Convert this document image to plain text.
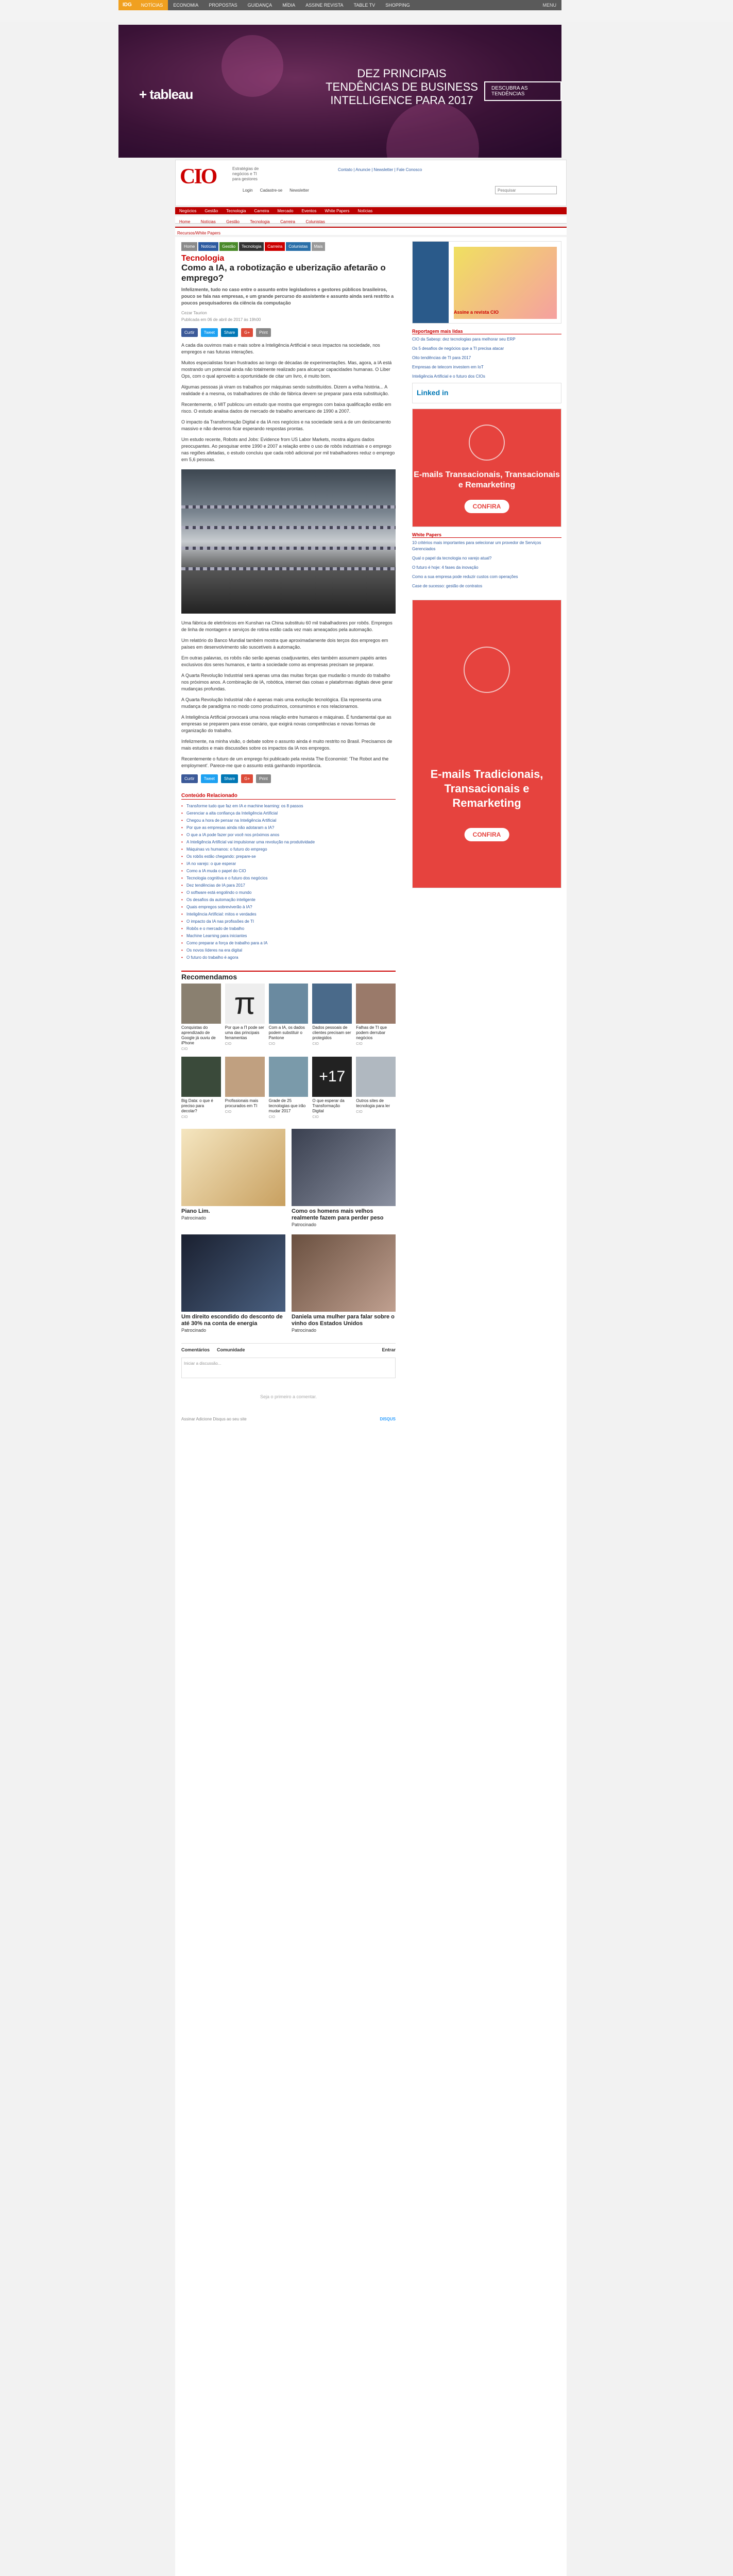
IDG	NOTÍCIAS	ECONOMIA	PROPOSTAS	GUIDANÇA	MÍDIA	ASSINE REVISTA	TABLE TV	SHOPPING	MENU
+ tableau
DEZ PRINCIPAIS TENDÊNCIAS DE BUSINESS INTELLIGENCE PARA 2017
DESCUBRA AS TENDÊNCIAS
CIO	Estratégias de negócios e TI para gestores
Contato | Anuncie | Newsletter | Fale Conosco
Login Cadastre-se Newsletter
Pesquisar
Negócios	Gestão	Tecnologia	Carreira	Mercado	Eventos	White Papers	Notícias
Home	Notícias	Gestão	Tecnologia	Carreira	Colunistas
Recursos/White Papers
Home	Notícias	Gestão	Tecnologia	Carreira	Colunistas	Mais
Tecnologia
Como a IA, a robotização e uberização afetarão o emprego?
Infelizmente, tudo no caso entre o assunto entre legisladores e gestores públicos brasileiros, pouco se fala nas empresas, e um grande percurso do assistente e assunto ainda será restrito a poucos pesquisadores da ciência da computação
Cezar Taurion
Publicada em 06 de abril de 2017 às 19h00
Curtir	Tweet	Share	G+	Print

A cada dia ouvimos mais e mais sobre a Inteligência Artificial e seus impactos na sociedade, nos empregos e nas futuras interações.

Muitos especialistas foram frustrados ao longo de décadas de experimentações. Mas, agora, a IA está mostrando um potencial ainda não totalmente realizado para alcançar capacidades humanas. O Liber Ops, com o qual aproveito a oportunidade de citar um livro, é muito bom.

Algumas pessoas já viram os trabalhos por máquinas sendo substituídos. Dizem a velha história... A realidade é a mesma, os trabalhadores de chão de fábrica devem se preparar para esta substituição.

Recentemente, o MIT publicou um estudo que mostra que empregos com baixa qualificação estão em risco. O estudo analisa dados de mercado de trabalho americano de 1990 a 2007.

O impacto da Transformação Digital e da IA nos negócios e na sociedade será a de um deslocamento massivo e não devemos ficar esperando respostas prontas.

Um estudo recente, Robots and Jobs: Evidence from US Labor Markets, mostra alguns dados preocupantes. Ao pesquisar entre 1990 e 2007 a relação entre o uso de robôs industriais e o emprego nas regiões afetadas, o estudo concluiu que cada robô adicional por mil trabalhadores reduz o emprego em 5,6 pessoas.

Uma fábrica de eletrônicos em Kunshan na China substituiu 60 mil trabalhadores por robôs. Empregos de linha de montagem e serviços de rotina estão cada vez mais ameaçados pela automação.

Um relatório do Banco Mundial também mostra que aproximadamente dois terços dos empregos em países em desenvolvimento são suscetíveis à automação.

Em outras palavras, os robôs não serão apenas coadjuvantes, eles também assumem papéis antes exclusivos dos seres humanos, e tanto a sociedade como as empresas precisam se preparar.

A Quarta Revolução Industrial será apenas uma das muitas forças que mudarão o mundo do trabalho nos próximos anos. A combinação de IA, robótica, internet das coisas e plataformas digitais deve gerar mudanças profundas.

A Quarta Revolução Industrial não é apenas mais uma evolução tecnológica. Ela representa uma mudança de paradigma no modo como produzimos, consumimos e nos relacionamos.

A Inteligência Artificial provocará uma nova relação entre humanos e máquinas. É fundamental que as empresas se preparem para esse cenário, que exigirá novas competências e novas formas de organização do trabalho.

Infelizmente, na minha visão, o debate sobre o assunto ainda é muito restrito no Brasil. Precisamos de mais estudos e mais discussões sobre os impactos da IA nos empregos.

Recentemente o futuro de um emprego foi publicado pela revista The Economist: 'The Robot and the employment'. Parece-me que o assunto está ganhando importância.

Curtir	Tweet	Share	G+	Print
Conteúdo Relacionado
• Transforme tudo que faz em IA e machine learning: os 8 passos
• Gerenciar a alta confiança da Inteligência Artificial
• Chegou a hora de pensar na Inteligência Artificial
• Por que as empresas ainda não adotaram a IA?
• O que a IA pode fazer por você nos próximos anos
• A Inteligência Artificial vai impulsionar uma revolução na produtividade
• Máquinas vs humanos: o futuro do emprego
• Os robôs estão chegando: prepare-se
• IA no varejo: o que esperar
• Como a IA muda o papel do CIO
• Tecnologia cognitiva e o futuro dos negócios
• Dez tendências de IA para 2017
• O software está engolindo o mundo
• Os desafios da automação inteligente
• Quais empregos sobreviverão à IA?
• Inteligência Artificial: mitos e verdades
• O impacto da IA nas profissões de TI
• Robôs e o mercado de trabalho
• Machine Learning para iniciantes
• Como preparar a força de trabalho para a IA
• Os novos líderes na era digital
• O futuro do trabalho é agora
Recomendamos
Conquistas do aprendizado de Google já ouviu de iPhone
CIO
π
Por que a Π pode ser uma das principais ferramentas
CIO
Com a IA, os dados podem substituir o Pantone
CIO
Dados pessoais de clientes precisam ser protegidos
CIO
Falhas de TI que podem derrubar negócios
CIO
Big Data: o que é preciso para decolar?
CIO
Profissionais mais procurados em TI
CIO
Grade de 25 tecnologias que irão mudar 2017
CIO
+17
O que esperar da Transformação Digital
CIO
Outros sites de tecnologia para ler
CIO
Piano Lim.
Patrocinado
Como os homens mais velhos realmente fazem para perder peso
Patrocinado
Um direito escondido do desconto de até 30% na conta de energia
Patrocinado
Daniela uma mulher para falar sobre o vinho dos Estados Unidos
Patrocinado
Comentários Comunidade	Entrar
Iniciar a discussão...
Seja o primeiro a comentar.
Assinar Adicione Disqus ao seu site	DISQUS
Assine a revista CIO
Reportagem mais lidas
CIO da Sabesp: dez tecnologias para melhorar seu ERP
Os 5 desafios de negócios que a TI precisa atacar
Oito tendências de TI para 2017
Empresas de telecom investem em IoT
Inteligência Artificial e o futuro dos CIOs
Linked in
E-mails Transacionais, Transacionais e Remarketing
CONFIRA
White Papers
10 critérios mais importantes para selecionar um provedor de Serviços Gerenciados
Qual o papel da tecnologia no varejo atual?
O futuro é hoje: 4 fases da inovação
Como a sua empresa pode reduzir custos com operações
Case de sucesso: gestão de contratos
E-mails Tradicionais, Transacionais e Remarketing
CONFIRA
